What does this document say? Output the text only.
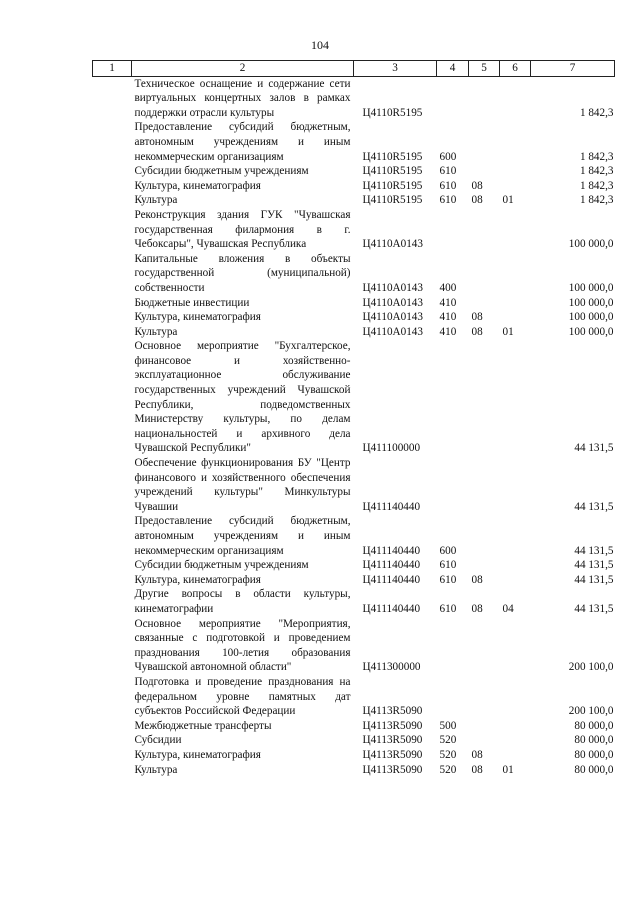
104
1	2	3	4	5	6	7
	Техническое оснащение и содержание сети виртуальных концертных залов в рамках поддержки отрасли культуры	Ц4110R5195				1 842,3
	Предоставление субсидий бюджетным, автономным учреждениям и иным некоммерческим организациям	Ц4110R5195	600			1 842,3
	Субсидии бюджетным учреждениям	Ц4110R5195	610			1 842,3
	Культура, кинематография	Ц4110R5195	610	08		1 842,3
	Культура	Ц4110R5195	610	08	01	1 842,3
	Реконструкция здания ГУК "Чувашская государственная филармония в г. Чебоксары", Чувашская Республика	Ц4110А0143				100 000,0
	Капитальные вложения в объекты государственной (муниципальной) собственности	Ц4110А0143	400			100 000,0
	Бюджетные инвестиции	Ц4110А0143	410			100 000,0
	Культура, кинематография	Ц4110А0143	410	08		100 000,0
	Культура	Ц4110А0143	410	08	01	100 000,0
	Основное мероприятие "Бухгалтерское, финансовое и хозяйственно-эксплуатационное обслуживание государственных учреждений Чувашской Республики, подведомственных Министерству культуры, по делам национальностей и архивного дела Чувашской Республики"	Ц411100000				44 131,5
	Обеспечение функционирования БУ "Центр финансового и хозяйственного обеспечения учреждений культуры" Минкультуры Чувашии	Ц411140440				44 131,5
	Предоставление субсидий бюджетным, автономным учреждениям и иным некоммерческим организациям	Ц411140440	600			44 131,5
	Субсидии бюджетным учреждениям	Ц411140440	610			44 131,5
	Культура, кинематография	Ц411140440	610	08		44 131,5
	Другие вопросы в области культуры, кинематографии	Ц411140440	610	08	04	44 131,5
	Основное мероприятие "Мероприятия, связанные с подготовкой и проведением празднования 100-летия образования Чувашской автономной области"	Ц411300000				200 100,0
	Подготовка и проведение празднования на федеральном уровне памятных дат субъектов Российской Федерации	Ц4113R5090				200 100,0
	Межбюджетные трансферты	Ц4113R5090	500			80 000,0
	Субсидии	Ц4113R5090	520			80 000,0
	Культура, кинематография	Ц4113R5090	520	08		80 000,0
	Культура	Ц4113R5090	520	08	01	80 000,0
